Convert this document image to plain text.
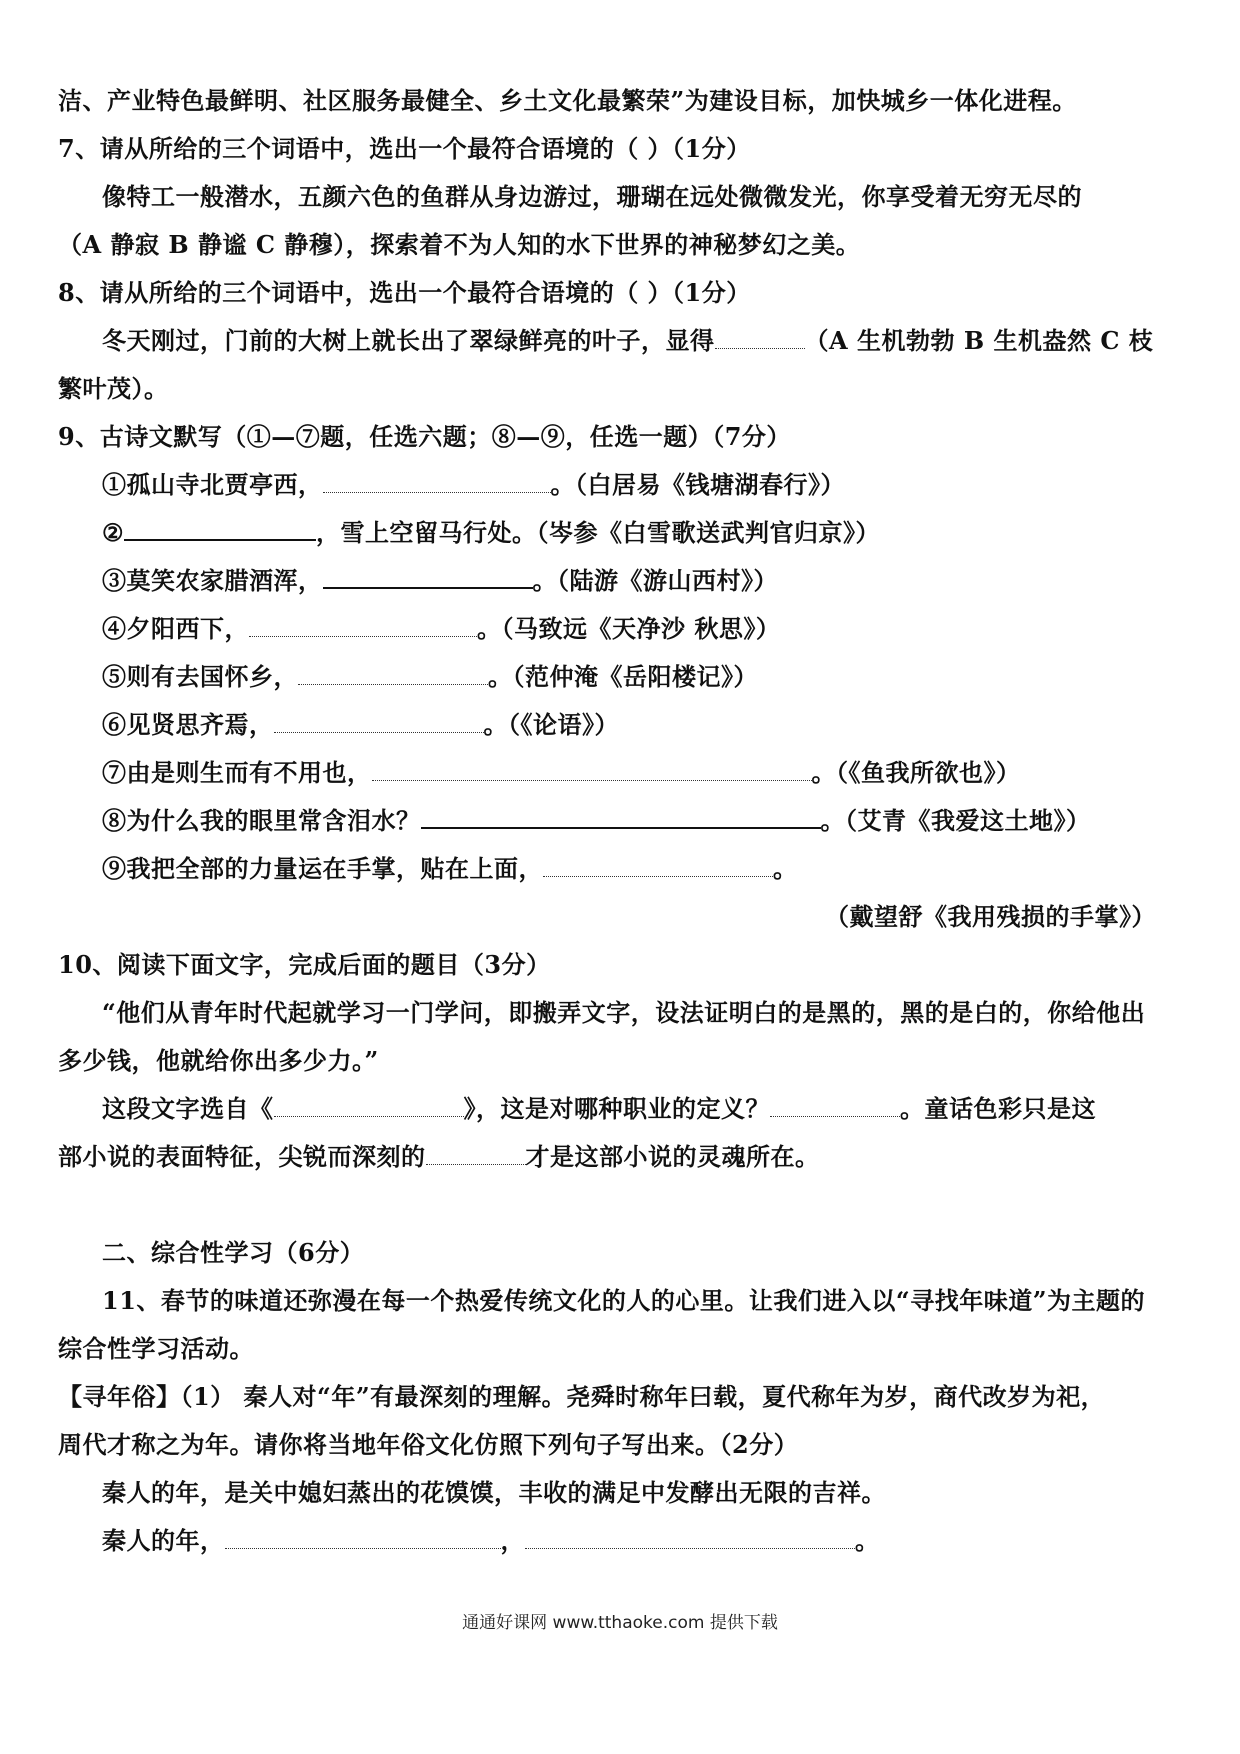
洁、产业特色最鲜明、社区服务最健全、乡土文化最繁荣”为建设目标，加快城乡一体化进程。
7、请从所给的三个词语中，选出一个最符合语境的（ ）（1分）
像特工一般潜水，五颜六色的鱼群从身边游过，珊瑚在远处微微发光，你享受着无穷无尽的
（A 静寂 B 静谧 C 静穆），探索着不为人知的水下世界的神秘梦幻之美。
8、请从所给的三个词语中，选出一个最符合语境的（ ）（1分）
冬天刚过，门前的大树上就长出了翠绿鲜亮的叶子，显得	（A 生机勃勃 B 生机盎然 C 枝
繁叶茂）。
9、古诗文默写（①—⑦题，任选六题；⑧—⑨，任选一题）（7分）
①孤山寺北贾亭西，	。（白居易《钱塘湖春行》）
②	，雪上空留马行处。（岑参《白雪歌送武判官归京》）
③莫笑农家腊酒浑，	。（陆游《游山西村》）
④夕阳西下，	。（马致远《天净沙 秋思》）
⑤则有去国怀乡，	。（范仲淹《岳阳楼记》）
⑥见贤思齐焉，	。（《论语》）
⑦由是则生而有不用也，	。（《鱼我所欲也》）
⑧为什么我的眼里常含泪水？	。（艾青《我爱这土地》）
⑨我把全部的力量运在手掌，贴在上面，	。
（戴望舒《我用残损的手掌》）
10、阅读下面文字，完成后面的题目（3分）
“他们从青年时代起就学习一门学问，即搬弄文字，设法证明白的是黑的，黑的是白的，你给他出
多少钱，他就给你出多少力。”
这段文字选自《	》，这是对哪种职业的定义？	。童话色彩只是这
部小说的表面特征，尖锐而深刻的	才是这部小说的灵魂所在。
二、综合性学习（6分）
11、春节的味道还弥漫在每一个热爱传统文化的人的心里。让我们进入以“寻找年味道”为主题的
综合性学习活动。
【寻年俗】（1） 秦人对“年”有最深刻的理解。尧舜时称年曰载，夏代称年为岁，商代改岁为祀，
周代才称之为年。请你将当地年俗文化仿照下列句子写出来。（2分）
秦人的年，是关中媳妇蒸出的花馍馍，丰收的满足中发酵出无限的吉祥。
秦人的年，	，	。
通通好课网 www.tthaoke.com 提供下载
